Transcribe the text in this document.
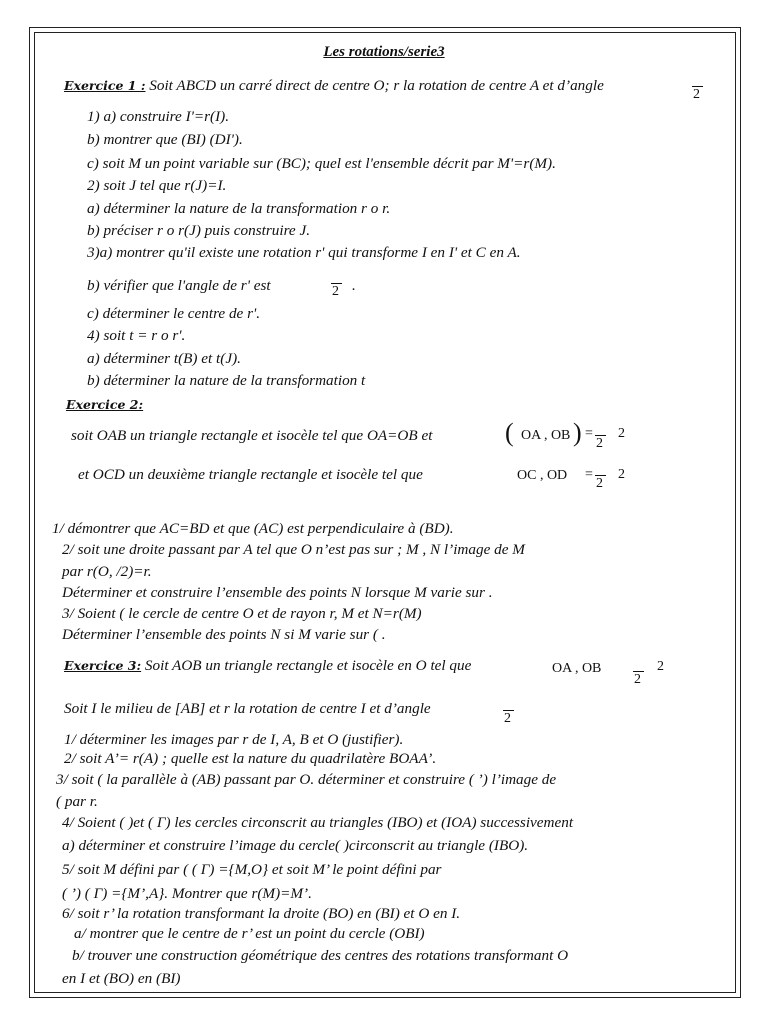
Les rotations/serie3
Exercice 1 : Soit ABCD un carré direct de centre O; r la rotation de centre A et d’angle
2
1) a) construire I'=r(I).
b) montrer que (BI) (DI').
c) soit M un point variable sur (BC); quel est l'ensemble décrit par M'=r(M).
2) soit J tel que r(J)=I.
a) déterminer la nature de la transformation r o r.
b) préciser r o r(J) puis construire J.
3)a) montrer qu'il existe une rotation r' qui transforme I en I' et C en A.
b) vérifier que l'angle de r' est	2 .
c) déterminer le centre de r'.
4) soit t = r o r'.
a) déterminer t(B) et t(J).
b) déterminer la nature de la transformation t
Exercice 2:
soit OAB un triangle rectangle et isocèle tel que OA=OB et	( OA , OB ) =
2
2
et OCD un deuxième triangle rectangle et isocèle tel que	OC , OD =
2
2
1/ démontrer que AC=BD et que (AC) est perpendiculaire à (BD).
2/ soit une droite passant par A tel que O n’est pas sur ; M , N l’image de M
par r(O, /2)=r.
Déterminer et construire l’ensemble des points N lorsque M varie sur .
3/ Soient ( le cercle de centre O et de rayon r, M et N=r(M)
Déterminer l’ensemble des points N si M varie sur ( .
Exercice 3: Soit AOB un triangle rectangle et isocèle en O tel que	OA , OB
2
2
Soit I le milieu de [AB] et r la rotation de centre I et d’angle
2
1/ déterminer les images par r de I, A, B et O (justifier).
2/ soit A’= r(A) ; quelle est la nature du quadrilatère BOAA’.
3/ soit ( la parallèle à (AB) passant par O. déterminer et construire ( ’) l’image de
( par r.
4/ Soient ( )et ( Γ) les cercles circonscrit au triangles (IBO) et (IOA) successivement
a) déterminer et construire l’image du cercle( )circonscrit au triangle (IBO).
5/ soit M défini par ( ( Γ) ={M,O} et soit M’ le point défini par
( ’) ( Γ) ={M’,A}. Montrer que r(M)=M’.
6/ soit r’ la rotation transformant la droite (BO) en (BI) et O en I.
a/ montrer que le centre de r’ est un point du cercle (OBI)
b/ trouver une construction géométrique des centres des rotations transformant O
en I et (BO) en (BI)
